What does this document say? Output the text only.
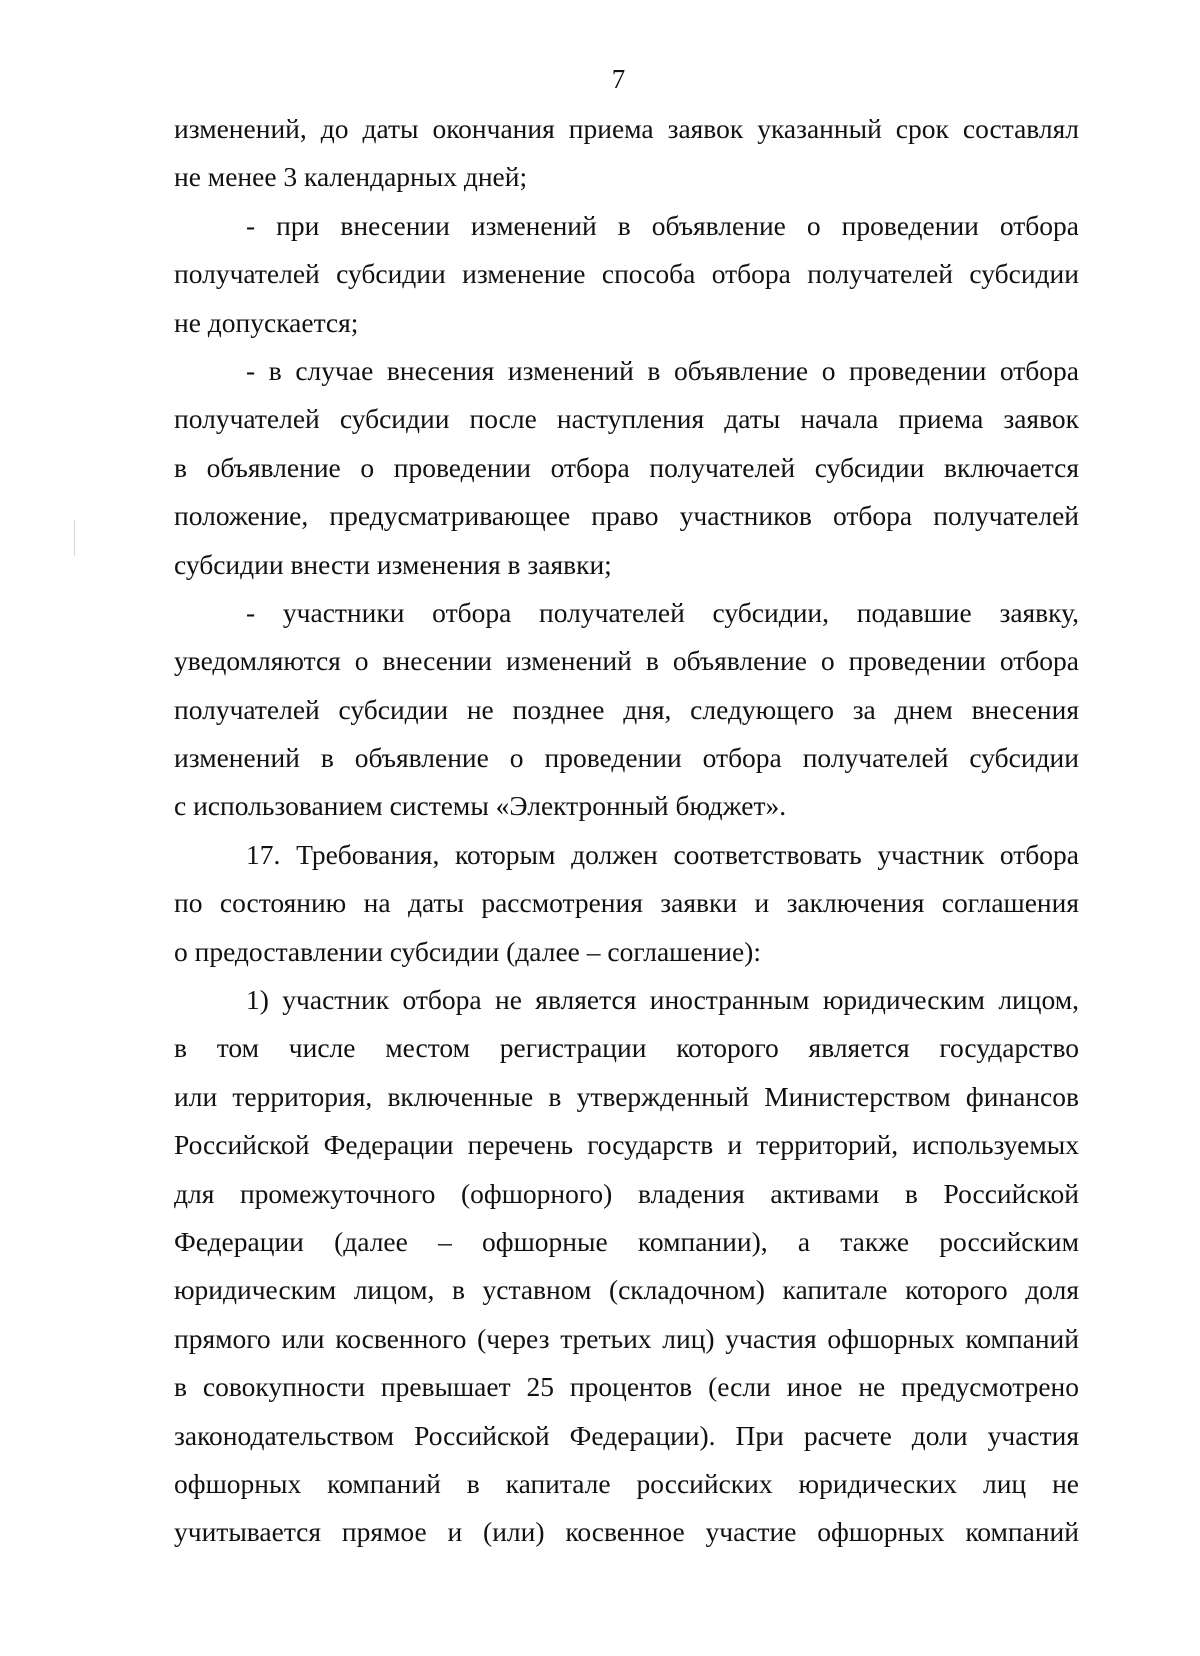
7
изменений, до даты окончания приема заявок указанный срок составлял
не менее 3 календарных дней;
- при внесении изменений в объявление о проведении отбора
получателей субсидии изменение способа отбора получателей субсидии
не допускается;
- в случае внесения изменений в объявление о проведении отбора
получателей субсидии после наступления даты начала приема заявок
в объявление о проведении отбора получателей субсидии включается
положение, предусматривающее право участников отбора получателей
субсидии внести изменения в заявки;
- участники отбора получателей субсидии, подавшие заявку,
уведомляются о внесении изменений в объявление о проведении отбора
получателей субсидии не позднее дня, следующего за днем внесения
изменений в объявление о проведении отбора получателей субсидии
с использованием системы «Электронный бюджет».
17. Требования, которым должен соответствовать участник отбора
по состоянию на даты рассмотрения заявки и заключения соглашения
о предоставлении субсидии (далее – соглашение):
1) участник отбора не является иностранным юридическим лицом,
в том числе местом регистрации которого является государство
или территория, включенные в утвержденный Министерством финансов
Российской Федерации перечень государств и территорий, используемых
для промежуточного (офшорного) владения активами в Российской
Федерации (далее – офшорные компании), а также российским
юридическим лицом, в уставном (складочном) капитале которого доля
прямого или косвенного (через третьих лиц) участия офшорных компаний
в совокупности превышает 25 процентов (если иное не предусмотрено
законодательством Российской Федерации). При расчете доли участия
офшорных компаний в капитале российских юридических лиц не
учитывается прямое и (или) косвенное участие офшорных компаний
